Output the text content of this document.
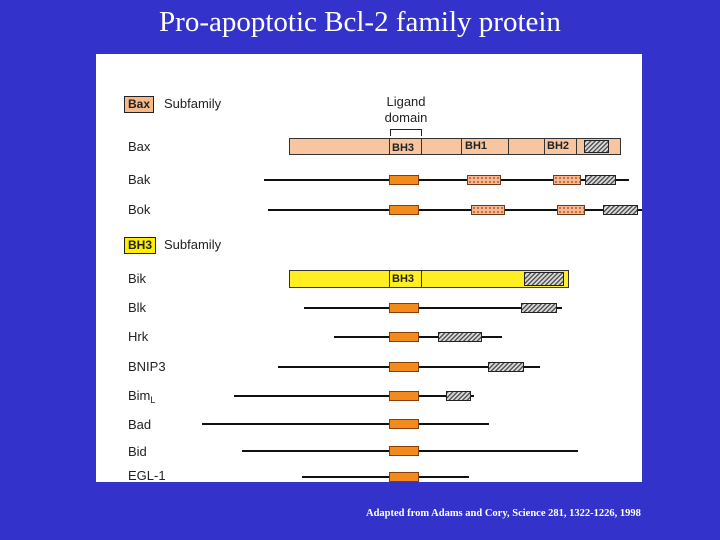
Pro-apoptotic Bcl-2 family protein
Bax	Subfamily	Ligand
domain
Bax	BH3	BH1	BH2
Bak
Bok
BH3 Subfamily
Bik	BH3
Blk
Hrk
BNIP3
Bim$_L$
Bad
Bid
EGL-1
Adapted from Adams and Cory, Science 281, 1322-1226, 1998
